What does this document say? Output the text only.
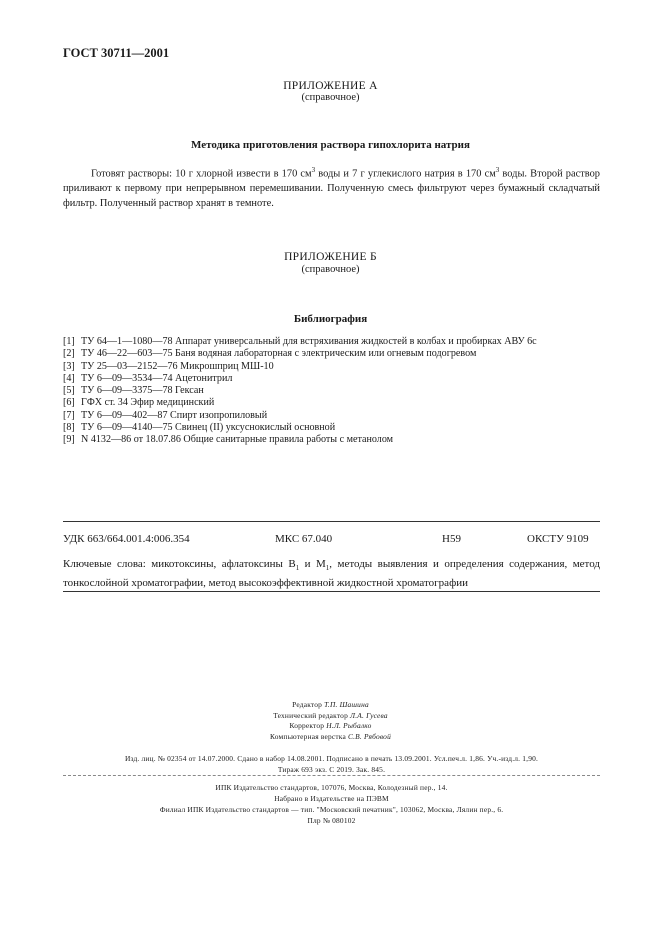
ГОСТ 30711—2001
ПРИЛОЖЕНИЕ А
(справочное)
Методика приготовления раствора гипохлорита натрия
Готовят растворы: 10 г хлорной извести в 170 $см^3$ воды и 7 г углекислого натрия в 170 $см^3$ воды. Второй раствор приливают к первому при непрерывном перемешивании. Полученную смесь фильтруют через бумажный складчатый фильтр. Полученный раствор хранят в темноте.
ПРИЛОЖЕНИЕ Б
(справочное)
Библиография
[1] ТУ 64—1—1080—78 Аппарат универсальный для встряхивания жидкостей в колбах и пробирках АВУ 6с
[2] ТУ 46—22—603—75 Баня водяная лабораторная с электрическим или огневым подогревом
[3] ТУ 25—03—2152—76 Микрошприц МШ-10
[4] ТУ 6—09—3534—74 Ацетонитрил
[5] ТУ 6—09—3375—78 Гексан
[6] ГФХ ст. 34 Эфир медицинский
[7] ТУ 6—09—402—87 Спирт изопропиловый
[8] ТУ 6—09—4140—75 Свинец (II) уксуснокислый основной
[9] N 4132—86 от 18.07.86 Общие санитарные правила работы с метанолом
УДК 663/664.001.4:006.354	МКС 67.040	Н59	ОКСТУ 9109
Ключевые слова: микотоксины, афлатоксины $B_1$ и $M_1$, методы выявления и определения содержания, метод тонкослойной хроматографии, метод высокоэффективной жидкостной хроматографии
Редактор Т.П. Шашина
Технический редактор Л.А. Гусева
Корректор Н.Л. Рыбалко
Компьютерная верстка С.В. Рябовой
Изд. лиц. № 02354 от 14.07.2000. Сдано в набор 14.08.2001. Подписано в печать 13.09.2001. Усл.печ.л. 1,86. Уч.-изд.л. 1,90.
Тираж 693 экз. С 2019. Зак. 845.
ИПК Издательство стандартов, 107076, Москва, Колодезный пер., 14.
Набрано в Издательстве на ПЭВМ
Филиал ИПК Издательство стандартов — тип. "Московский печатник", 103062, Москва, Лялин пер., 6.
Плр № 080102
